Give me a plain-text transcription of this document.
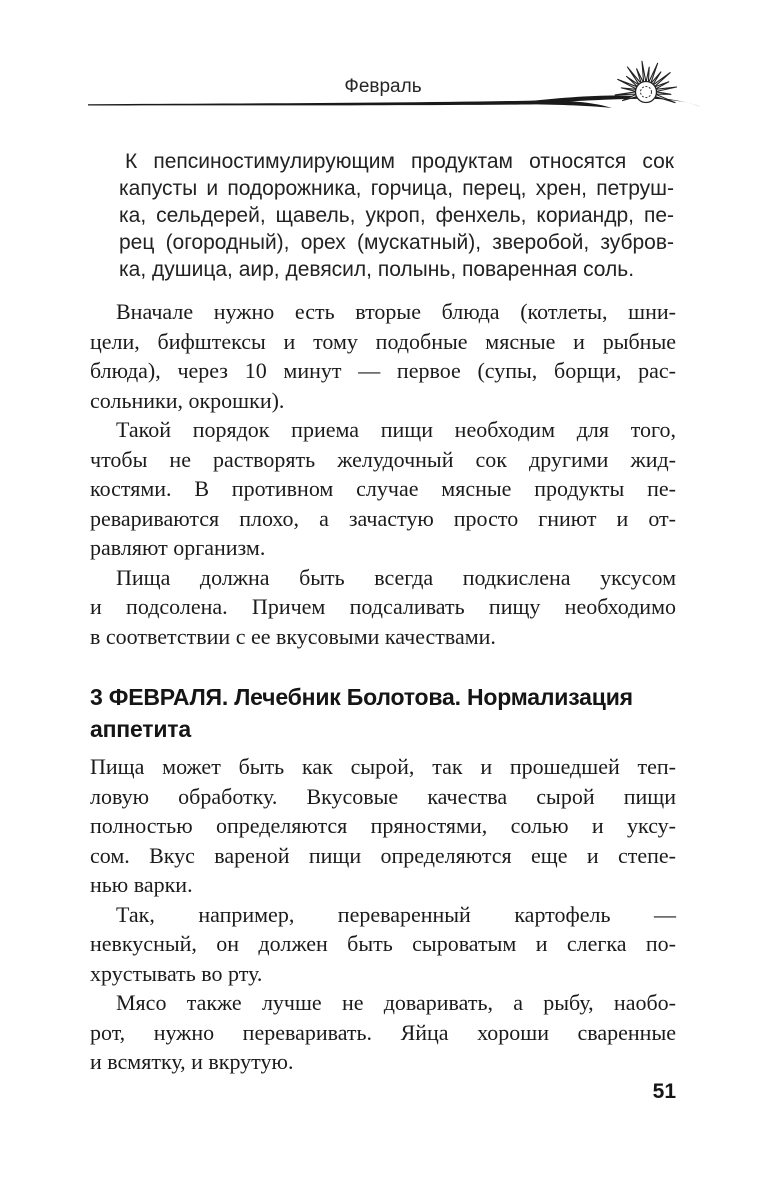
Февраль
К пепсиностимулирующим продуктам относятся сок
капусты и подорожника, горчица, перец, хрен, петруш-
ка, сельдерей, щавель, укроп, фенхель, кориандр, пе-
рец (огородный), орех (мускатный), зверобой, зубров-
ка, душица, аир, девясил, полынь, поваренная соль.
Вначале нужно есть вторые блюда (котлеты, шни-
цели, бифштексы и тому подобные мясные и рыбные
блюда), через 10 минут — первое (супы, борщи, рас-
сольники, окрошки).
Такой порядок приема пищи необходим для того,
чтобы не растворять желудочный сок другими жид-
костями. В противном случае мясные продукты пе-
ревариваются плохо, а зачастую просто гниют и от-
равляют организм.
Пища должна быть всегда подкислена уксусом
и подсолена. Причем подсаливать пищу необходимо
в соответствии с ее вкусовыми качествами.
3 ФЕВРАЛЯ. Лечебник Болотова. Нормализация аппетита
Пища может быть как сырой, так и прошедшей теп-
ловую обработку. Вкусовые качества сырой пищи
полностью определяются пряностями, солью и уксу-
сом. Вкус вареной пищи определяются еще и степе-
нью варки.
Так, например, переваренный картофель —
невкусный, он должен быть сыроватым и слегка по-
хрустывать во рту.
Мясо также лучше не доваривать, а рыбу, наобо-
рот, нужно переваривать. Яйца хороши сваренные
и всмятку, и вкрутую.
51
